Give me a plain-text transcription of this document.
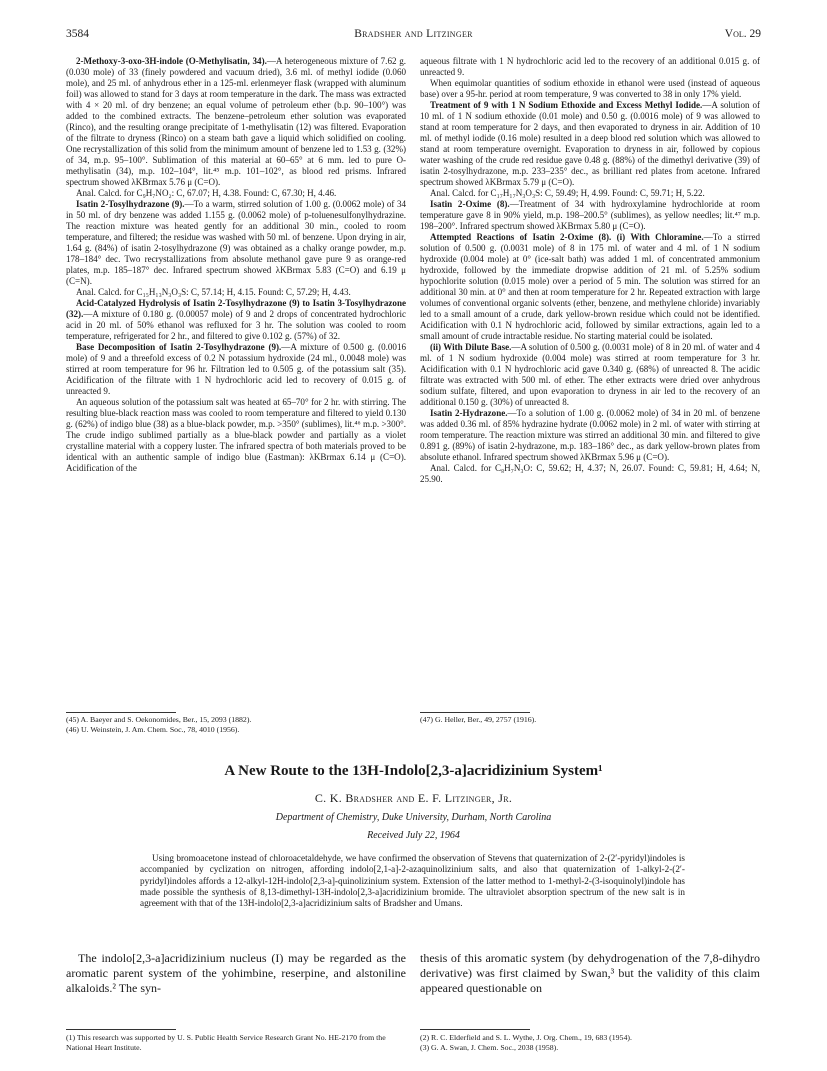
3584	Bradsher and Litzinger	Vol. 29

2-Methoxy-3-oxo-3H-indole (O-Methylisatin, 34).—A heterogeneous mixture of 7.62 g. (0.030 mole) of 33 (finely powdered and vacuum dried), 3.6 ml. of methyl iodide (0.060 mole), and 25 ml. of anhydrous ether in a 125-ml. erlenmeyer flask (wrapped with aluminum foil) was allowed to stand for 3 days at room temperature in the dark. The mass was extracted with 4 × 20 ml. of dry benzene; an equal volume of petroleum ether (b.p. 90–100°) was added to the combined extracts. The benzene–petroleum ether solution was evaporated (Rinco), and the resulting orange precipitate of 1-methylisatin (12) was filtered. Evaporation of the filtrate to dryness (Rinco) on a steam bath gave a liquid which solidified on cooling. One recrystallization of this solid from the minimum amount of benzene led to 1.53 g. (32%) of 34, m.p. 95–100°. Sublimation of this material at 60–65° at 6 mm. led to pure O-methylisatin (34), m.p. 102–104°, lit.⁴⁵ m.p. 101–102°, as blood red prisms. Infrared spectrum showed λKBrmax 5.76 μ (C=O).

Anal. Calcd. for C₉H₇NO₂: C, 67.07; H, 4.38. Found: C, 67.30; H, 4.46.

Isatin 2-Tosylhydrazone (9).—To a warm, stirred solution of 1.00 g. (0.0062 mole) of 34 in 50 ml. of dry benzene was added 1.155 g. (0.0062 mole) of p-toluenesulfonylhydrazine. The reaction mixture was heated gently for an additional 30 min., cooled to room temperature, and filtered; the residue was washed with 50 ml. of benzene. Upon drying in air, 1.64 g. (84%) of isatin 2-tosylhydrazone (9) was obtained as a chalky orange powder, m.p. 178–184° dec. Two recrystallizations from absolute methanol gave pure 9 as orange-red plates, m.p. 185–187° dec. Infrared spectrum showed λKBrmax 5.83 (C=O) and 6.19 μ (C=N).

Anal. Calcd. for C₁₅H₁₃N₃O₃S: C, 57.14; H, 4.15. Found: C, 57.29; H, 4.43.

Acid-Catalyzed Hydrolysis of Isatin 2-Tosylhydrazone (9) to Isatin 3-Tosylhydrazone (32).—A mixture of 0.180 g. (0.00057 mole) of 9 and 2 drops of concentrated hydrochloric acid in 20 ml. of 50% ethanol was refluxed for 3 hr. The solution was cooled to room temperature, refrigerated for 2 hr., and filtered to give 0.102 g. (57%) of 32.

Base Decomposition of Isatin 2-Tosylhydrazone (9).—A mixture of 0.500 g. (0.0016 mole) of 9 and a threefold excess of 0.2 N potassium hydroxide (24 ml., 0.0048 mole) was stirred at room temperature for 96 hr. Filtration led to 0.505 g. of the potassium salt (35). Acidification of the filtrate with 1 N hydrochloric acid led to recovery of 0.015 g. of unreacted 9.

An aqueous solution of the potassium salt was heated at 65–70° for 2 hr. with stirring. The resulting blue-black reaction mass was cooled to room temperature and filtered to yield 0.130 g. (62%) of indigo blue (38) as a blue-black powder, m.p. >350° (sublimes), lit.⁴⁶ m.p. >300°. The crude indigo sublimed partially as a blue-black powder and partially as a violet crystalline material with a coppery luster. The infrared spectra of both materials proved to be identical with an authentic sample of indigo blue (Eastman): λKBrmax 6.14 μ (C=O). Acidification of the

aqueous filtrate with 1 N hydrochloric acid led to the recovery of an additional 0.015 g. of unreacted 9.

When equimolar quantities of sodium ethoxide in ethanol were used (instead of aqueous base) over a 95-hr. period at room temperature, 9 was converted to 38 in only 17% yield.

Treatment of 9 with 1 N Sodium Ethoxide and Excess Methyl Iodide.—A solution of 10 ml. of 1 N sodium ethoxide (0.01 mole) and 0.50 g. (0.0016 mole) of 9 was allowed to stand at room temperature for 2 days, and then evaporated to dryness in air. Addition of 10 ml. of methyl iodide (0.16 mole) resulted in a deep blood red solution which was allowed to stand at room temperature overnight. Evaporation to dryness in air, followed by copious water washing of the crude red residue gave 0.48 g. (88%) of the dimethyl derivative (39) of isatin 2-tosylhydrazone, m.p. 233–235° dec., as brilliant red plates from acetone. Infrared spectrum showed λKBrmax 5.79 μ (C=O).

Anal. Calcd. for C₁₇H₁₇N₃O₃S: C, 59.49; H, 4.99. Found: C, 59.71; H, 5.22.

Isatin 2-Oxime (8).—Treatment of 34 with hydroxylamine hydrochloride at room temperature gave 8 in 90% yield, m.p. 198–200.5° (sublimes), as yellow needles; lit.⁴⁷ m.p. 198–200°. Infrared spectrum showed λKBrmax 5.80 μ (C=O).

Attempted Reactions of Isatin 2-Oxime (8). (i) With Chloramine.—To a stirred solution of 0.500 g. (0.0031 mole) of 8 in 175 ml. of water and 4 ml. of 1 N sodium hydroxide (0.004 mole) at 0° (ice-salt bath) was added 1 ml. of concentrated ammonium hydroxide, followed by the immediate dropwise addition of 21 ml. of 5.25% sodium hypochlorite solution (0.015 mole) over a period of 5 min. The solution was stirred for an additional 30 min. at 0° and then at room temperature for 2 hr. Repeated extraction with large volumes of conventional organic solvents (ether, benzene, and methylene chloride) invariably led to a small amount of a crude, dark yellow-brown residue which could not be identified. Acidification with 0.1 N hydrochloric acid, followed by similar extractions, again led to a small amount of crude intractable residue. No starting material could be isolated.

(ii) With Dilute Base.—A solution of 0.500 g. (0.0031 mole) of 8 in 20 ml. of water and 4 ml. of 1 N sodium hydroxide (0.004 mole) was stirred at room temperature for 3 hr. Acidification with 0.1 N hydrochloric acid gave 0.340 g. (68%) of unreacted 8. The acidic filtrate was extracted with 500 ml. of ether. The ether extracts were dried over anhydrous sodium sulfate, filtered, and upon evaporation to dryness in air led to the recovery of an additional 0.150 g. (30%) of unreacted 8.

Isatin 2-Hydrazone.—To a solution of 1.00 g. (0.0062 mole) of 34 in 20 ml. of benzene was added 0.36 ml. of 85% hydrazine hydrate (0.0062 mole) in 2 ml. of water with stirring at room temperature. The reaction mixture was stirred an additional 30 min. and filtered to give 0.891 g. (89%) of isatin 2-hydrazone, m.p. 183–186° dec., as dark yellow-brown plates from absolute ethanol. Infrared spectrum showed λKBrmax 5.96 μ (C=O).

Anal. Calcd. for C₈H₇N₃O: C, 59.62; H, 4.37; N, 26.07. Found: C, 59.81; H, 4.64; N, 25.90.

(45) A. Baeyer and S. Oekonomides, Ber., 15, 2093 (1882).
(46) U. Weinstein, J. Am. Chem. Soc., 78, 4010 (1956).
(47) G. Heller, Ber., 49, 2757 (1916).
A New Route to the 13H-Indolo[2,3-a]acridizinium System¹
C. K. Bradsher and E. F. Litzinger, Jr.
Department of Chemistry, Duke University, Durham, North Carolina
Received July 22, 1964

Using bromoacetone instead of chloroacetaldehyde, we have confirmed the observation of Stevens that quaternization of 2-(2′-pyridyl)indoles is accompanied by cyclization on nitrogen, affording indolo[2,1-a]-2-azaquinolizinium salts, and also that quaternization of 1-alkyl-2-(2′-pyridyl)indoles affords a 12-alkyl-12H-indolo[2,3-a]-quinolizinium system. Extension of the latter method to 1-methyl-2-(3-isoquinolyl)indole has made possible the synthesis of 8,13-dimethyl-13H-indolo[2,3-a]acridizinium bromide. The ultraviolet absorption spectrum of the new salt is in agreement with that of the 13H-indolo[2,3-a]acridizinium salts of Bradsher and Umans.

The indolo[2,3-a]acridizinium nucleus (I) may be regarded as the aromatic parent system of the yohimbine, reserpine, and alstoniline alkaloids.² The syn-

thesis of this aromatic system (by dehydrogenation of the 7,8-dihydro derivative) was first claimed by Swan,³ but the validity of this claim appeared questionable on

(1) This research was supported by U. S. Public Health Service Research Grant No. HE-2170 from the National Heart Institute.
(2) R. C. Elderfield and S. L. Wythe, J. Org. Chem., 19, 683 (1954).
(3) G. A. Swan, J. Chem. Soc., 2038 (1958).
